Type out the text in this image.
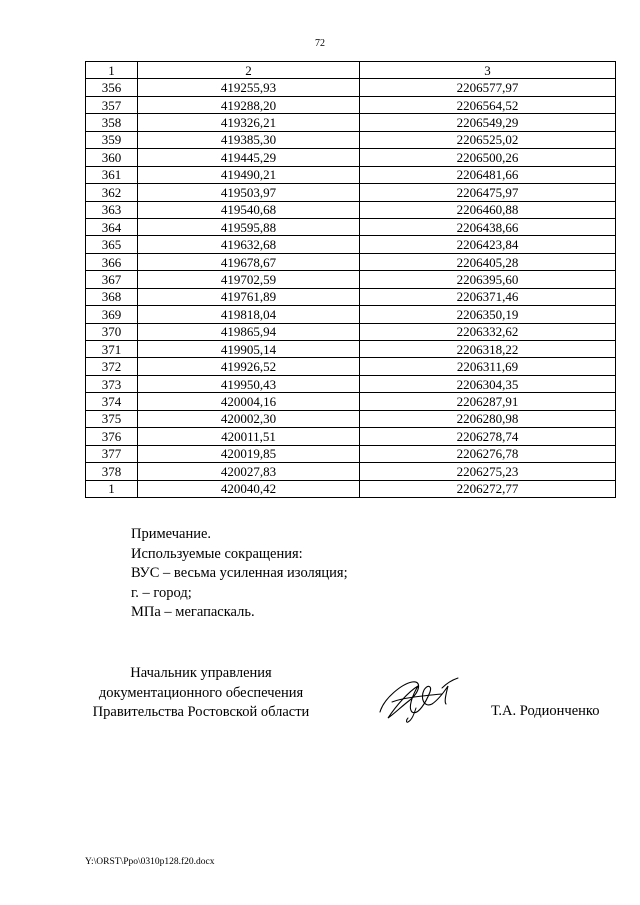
72
1	2	3
356	419255,93	2206577,97
357	419288,20	2206564,52
358	419326,21	2206549,29
359	419385,30	2206525,02
360	419445,29	2206500,26
361	419490,21	2206481,66
362	419503,97	2206475,97
363	419540,68	2206460,88
364	419595,88	2206438,66
365	419632,68	2206423,84
366	419678,67	2206405,28
367	419702,59	2206395,60
368	419761,89	2206371,46
369	419818,04	2206350,19
370	419865,94	2206332,62
371	419905,14	2206318,22
372	419926,52	2206311,69
373	419950,43	2206304,35
374	420004,16	2206287,91
375	420002,30	2206280,98
376	420011,51	2206278,74
377	420019,85	2206276,78
378	420027,83	2206275,23
1	420040,42	2206272,77
Примечание.
Используемые сокращения:
ВУС – весьма усиленная изоляция;
г. – город;
МПа – мегапаскаль.
Начальник управления
документационного обеспечения
Правительства Ростовской области	Т.А. Родионченко
Y:\ORST\Ppo\0310p128.f20.docx
